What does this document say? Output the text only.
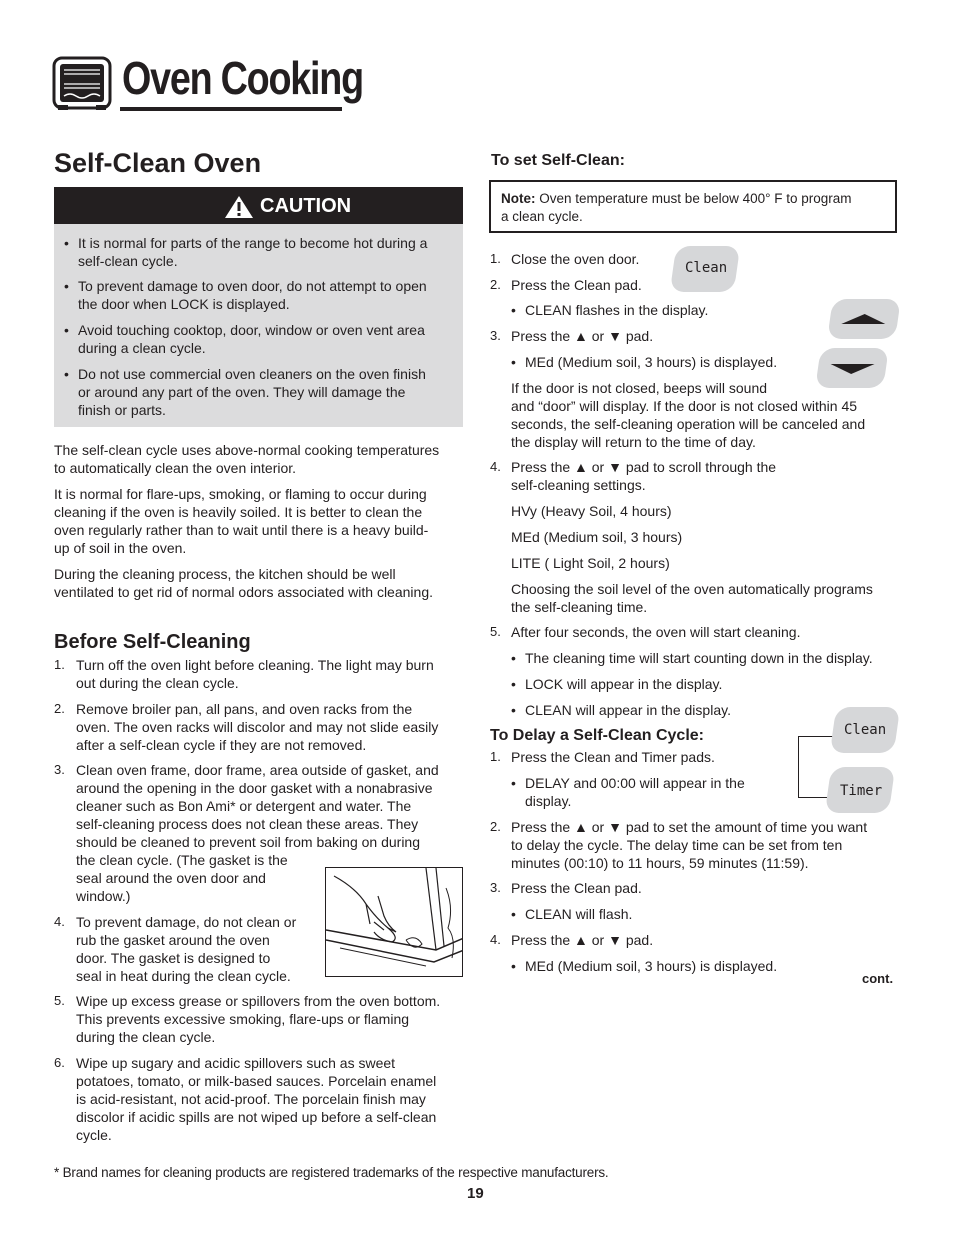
Oven Cooking
Self-Clean Oven
CAUTION
• It is normal for parts of the range to become hot during a
self-clean cycle.
• To prevent damage to oven door, do not attempt to open
the door when LOCK is displayed.
• Avoid touching cooktop, door, window or oven vent area
during a clean cycle.
• Do not use commercial oven cleaners on the oven finish
or around any part of the oven. They will damage the
finish or parts.
The self-clean cycle uses above-normal cooking temperatures
to automatically clean the oven interior.
It is normal for flare-ups, smoking, or flaming to occur during
cleaning if the oven is heavily soiled. It is better to clean the
oven regularly rather than to wait until there is a heavy build-
up of soil in the oven.
During the cleaning process, the kitchen should be well
ventilated to get rid of normal odors associated with cleaning.
Before Self-Cleaning
1. Turn off the oven light before cleaning. The light may burn
out during the clean cycle.
2. Remove broiler pan, all pans, and oven racks from the
oven. The oven racks will discolor and may not slide easily
after a self-clean cycle if they are not removed.
3. Clean oven frame, door frame, area outside of gasket, and
around the opening in the door gasket with a nonabrasive
cleaner such as Bon Ami* or detergent and water. The
self-cleaning process does not clean these areas. They
should be cleaned to prevent soil from baking on during
the clean cycle. (The gasket is the
seal around the oven door and
window.)
4. To prevent damage, do not clean or
rub the gasket around the oven
door. The gasket is designed to
seal in heat during the clean cycle.
5. Wipe up excess grease or spillovers from the oven bottom.
This prevents excessive smoking, flare-ups or flaming
during the clean cycle.
6. Wipe up sugary and acidic spillovers such as sweet
potatoes, tomato, or milk-based sauces. Porcelain enamel
is acid-resistant, not acid-proof. The porcelain finish may
discolor if acidic spills are not wiped up before a self-clean
cycle.
To set Self-Clean:
Note: Oven temperature must be below 400° F to program
a clean cycle.
1. Close the oven door.
2. Press the Clean pad.
• CLEAN flashes in the display.
3. Press the ▲ or ▼ pad.
• MEd (Medium soil, 3 hours) is displayed.
If the door is not closed, beeps will sound
and “door” will display. If the door is not closed within 45
seconds, the self-cleaning operation will be canceled and
the display will return to the time of day.
4. Press the ▲ or ▼ pad to scroll through the
self-cleaning settings.
HVy (Heavy Soil, 4 hours)
MEd (Medium soil, 3 hours)
LITE ( Light Soil, 2 hours)
Choosing the soil level of the oven automatically programs
the self-cleaning time.
5. After four seconds, the oven will start cleaning.
• The cleaning time will start counting down in the display.
• LOCK will appear in the display.
• CLEAN will appear in the display.
To Delay a Self-Clean Cycle:
1. Press the Clean and Timer pads.
• DELAY and 00:00 will appear in the
display.
2. Press the ▲ or ▼ pad to set the amount of time you want
to delay the cycle. The delay time can be set from ten
minutes (00:10) to 11 hours, 59 minutes (11:59).
3. Press the Clean pad.
• CLEAN will flash.
4. Press the ▲ or ▼ pad.
• MEd (Medium soil, 3 hours) is displayed.
cont.
Clean
Clean
Timer
* Brand names for cleaning products are registered trademarks of the respective manufacturers.
19
